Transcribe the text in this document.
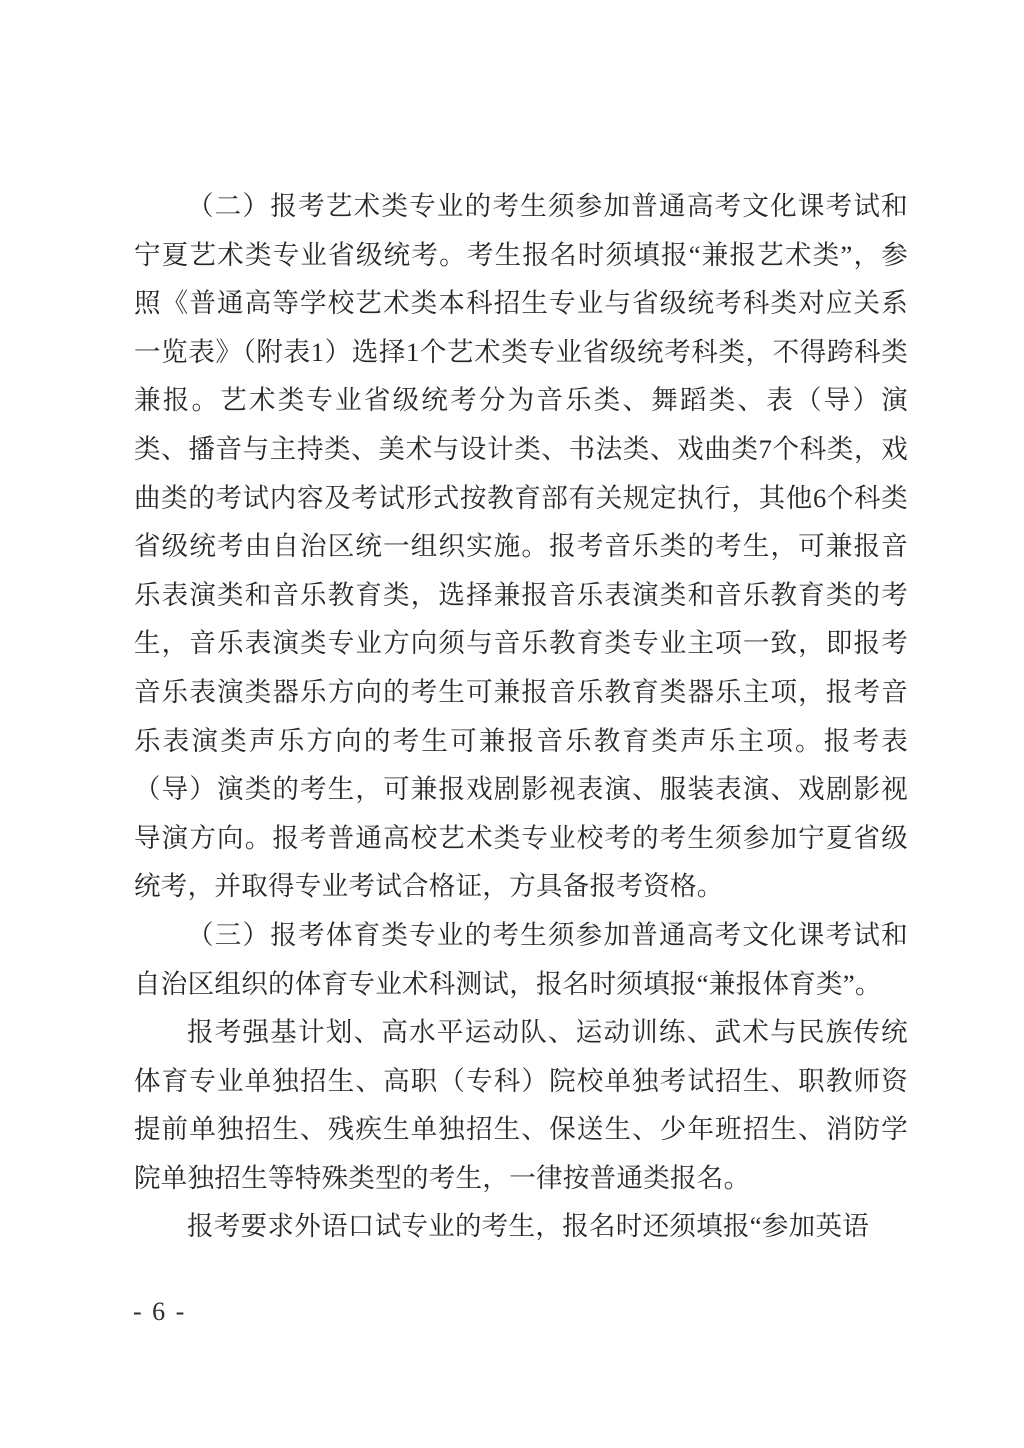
（二）报考艺术类专业的考生须参加普通高考文化课考试和宁夏艺术类专业省级统考。考生报名时须填报“兼报艺术类”，参照《普通高等学校艺术类本科招生专业与省级统考科类对应关系一览表》（附表1）选择1个艺术类专业省级统考科类，不得跨科类兼报。艺术类专业省级统考分为音乐类、舞蹈类、表（导）演类、播音与主持类、美术与设计类、书法类、戏曲类7个科类，戏曲类的考试内容及考试形式按教育部有关规定执行，其他6个科类省级统考由自治区统一组织实施。报考音乐类的考生，可兼报音乐表演类和音乐教育类，选择兼报音乐表演类和音乐教育类的考生，音乐表演类专业方向须与音乐教育类专业主项一致，即报考音乐表演类器乐方向的考生可兼报音乐教育类器乐主项，报考音乐表演类声乐方向的考生可兼报音乐教育类声乐主项。报考表（导）演类的考生，可兼报戏剧影视表演、服装表演、戏剧影视导演方向。报考普通高校艺术类专业校考的考生须参加宁夏省级统考，并取得专业考试合格证，方具备报考资格。

（三）报考体育类专业的考生须参加普通高考文化课考试和自治区组织的体育专业术科测试，报名时须填报“兼报体育类”。

报考强基计划、高水平运动队、运动训练、武术与民族传统体育专业单独招生、高职（专科）院校单独考试招生、职教师资提前单独招生、残疾生单独招生、保送生、少年班招生、消防学院单独招生等特殊类型的考生，一律按普通类报名。

报考要求外语口试专业的考生，报名时还须填报“参加英语

- 6 -
